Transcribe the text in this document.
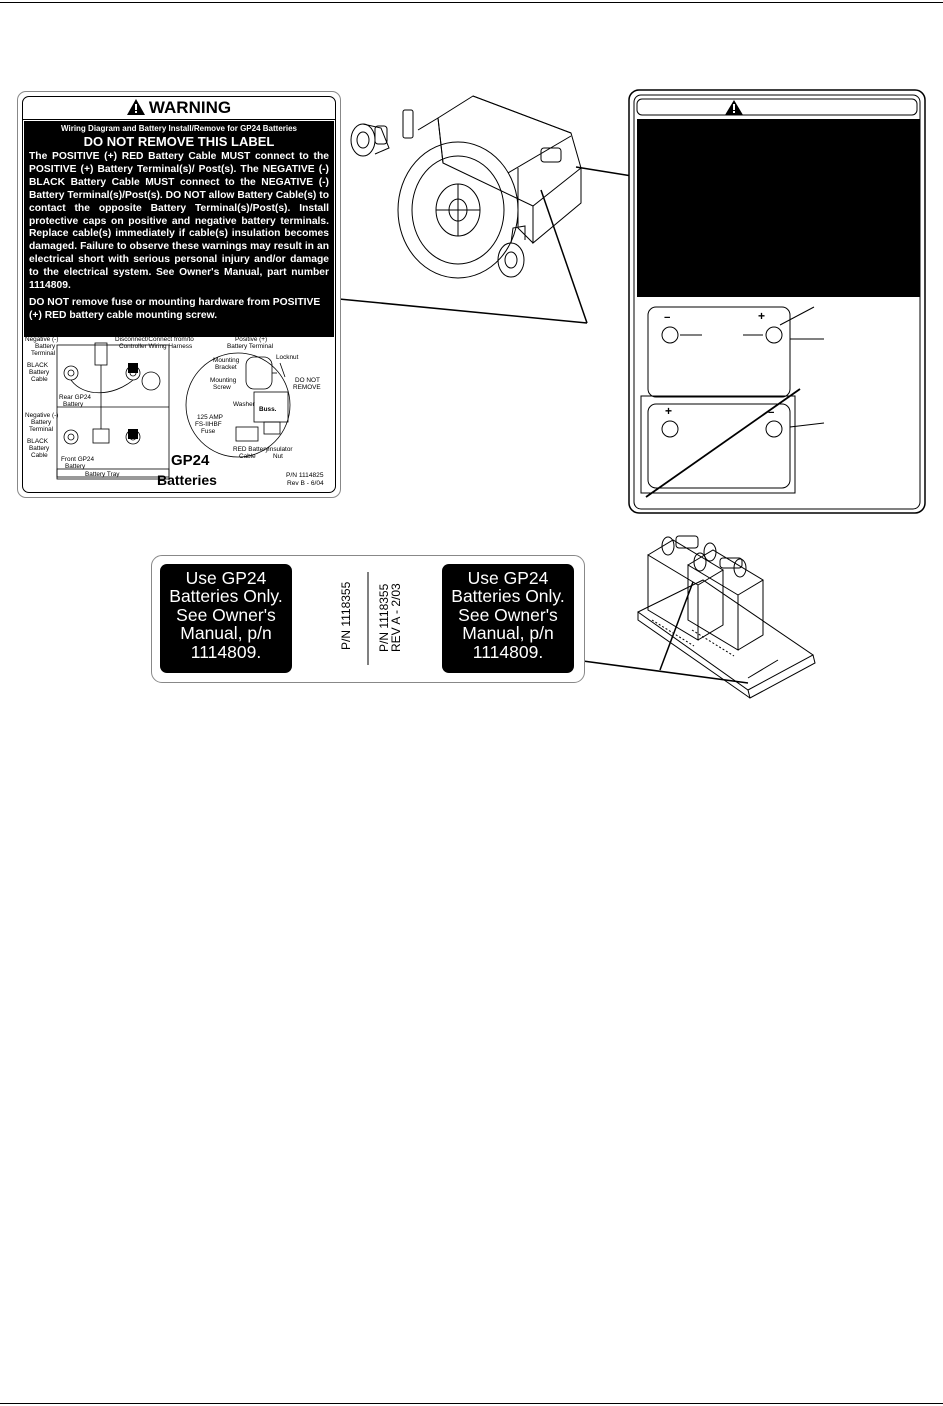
WARNING
Wiring Diagram and Battery Install/Remove for GP24 Batteries
DO NOT REMOVE THIS LABEL
The POSITIVE (+) RED Battery Cable MUST connect to the POSITIVE (+) Battery Terminal(s)/ Post(s). The NEGATIVE (-) BLACK Battery Cable MUST connect to the NEGATIVE (-) Battery Terminal(s)/Post(s). DO NOT allow Battery Cable(s) to contact the opposite Battery Terminal(s)/Post(s). Install protective caps on positive and negative battery terminals. Replace cable(s) immediately if cable(s) insulation becomes damaged. Failure to observe these warnings may result in an electrical short with serious personal injury and/or damage to the electrical system. See Owner's Manual, part number 1114809.
DO NOT remove fuse or mounting hardware from POSITIVE (+) RED battery cable mounting screw.
Negative (-) Battery Terminal
BLACK Battery Cable
Rear GP24 Battery
Negative (-) Battery Terminal
BLACK Battery Cable
Front GP24 Battery
Battery Tray
Disconnect/Connect from/to Controller Wiring Harness
Positive (+) Battery Terminal
Locknut
Mounting Bracket
Mounting Screw
DO NOT REMOVE
Washer
125 AMP FS-IIHBF Fuse
Buss.
RED Battery Cable
Insulator Nut
GP24
Batteries	P/N 1114825
Rev B - 6/04
−	+
+	−
Use GP24
Batteries Only.
See Owner's
Manual, p/n
1114809.
P/N 1118355 P/N 1118355
REV A - 2/03
Use GP24
Batteries Only.
See Owner's
Manual, p/n
1114809.
